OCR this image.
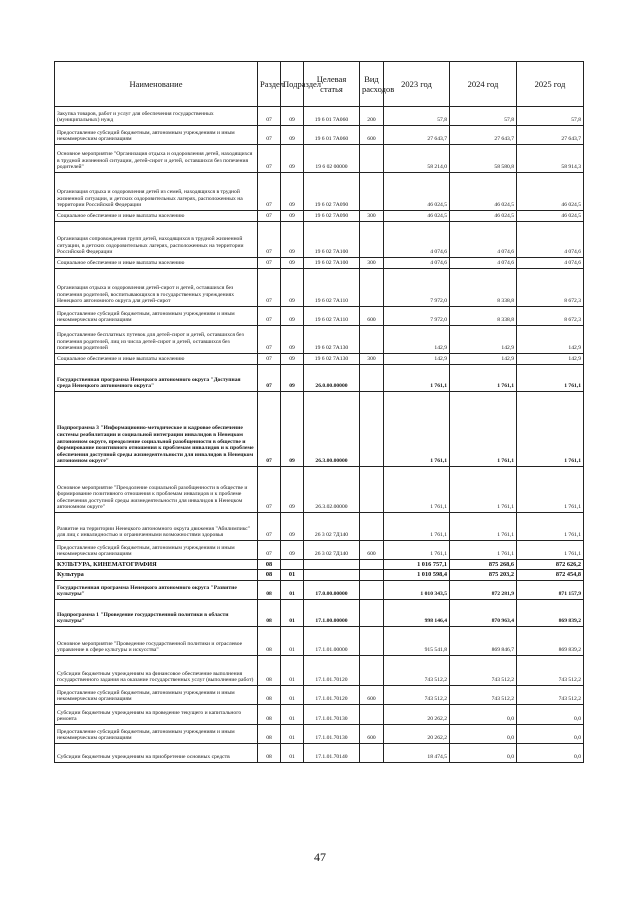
Наименование	Раздел	Подраздел	Целевая статья	Вид расходов	2023 год	2024 год	2025 год
Закупка товаров, работ и услуг для обеспечения государственных (муниципальных) нужд	07	09	19 6 01 7А060	200	57,8	57,8	57,8
Предоставление субсидий бюджетным, автономным учреждениям и иным некоммерческим организациям	07	09	19 6 01 7А060	600	27 643,7	27 643,7	27 643,7
Основное мероприятие "Организация отдыха и оздоровления детей, находящихся в трудной жизненной ситуации, детей-сирот и детей, оставшихся без попечения родителей"	07	09	19 6 02 00000		58 214,0	58 580,8	58 914,3
Организация отдыха и оздоровления детей из семей, находящихся в трудной жизненной ситуации, и детских оздоровительных лагерях, расположенных на территории Российской Федерации	07	09	19 6 02 7А090		46 024,5	46 024,5	46 024,5
Социальное обеспечение и иные выплаты населению	07	09	19 6 02 7А090	300	46 024,5	46 024,5	46 024,5
Организация сопровождения групп детей, находящихся в трудной жизненной ситуации, в детских оздоровительных лагерях, расположенных на территории Российской Федерации	07	09	19 6 02 7А100		4 074,6	4 074,6	4 074,6
Социальное обеспечение и иные выплаты населению	07	09	19 6 02 7А100	300	4 074,6	4 074,6	4 074,6
Организация отдыха и оздоровления детей-сирот и детей, оставшихся без попечения родителей, воспитывающихся в государственных учреждениях Ненецкого автономного округа для детей-сирот	07	09	19 6 02 7А110		7 972,0	8 338,8	8 672,3
Предоставление субсидий бюджетным, автономным учреждениям и иным некоммерческим организациям	07	09	19 6 02 7А110	600	7 972,0	8 338,8	8 672,3
Предоставление бесплатных путевок для детей-сирот и детей, оставшихся без попечения родителей, лиц из числа детей-сирот и детей, оставшихся без попечения родителей	07	09	19 6 02 7А130		142,9	142,9	142,9
Социальное обеспечение и иные выплаты населению	07	09	19 6 02 7А130	300	142,9	142,9	142,9
Государственная программа Ненецкого автономного округа "Доступная среда Ненецкого автономного округа"	07	09	26.0.00.00000		1 761,1	1 761,1	1 761,1
Подпрограмма 3 "Информационно-методическое и кадровое обеспечение системы реабилитации и социальной интеграции инвалидов в Ненецком автономном округе, преодоление социальной разобщенности в обществе и формирование позитивного отношения к проблемам инвалидов и к проблеме обеспечения доступной среды жизнедеятельности для инвалидов в Ненецком автономном округе"	07	09	26.3.00.00000		1 761,1	1 761,1	1 761,1
Основное мероприятие "Преодоление социальной разобщенности в обществе и формирование позитивного отношения к проблемам инвалидов и к проблеме обеспечения доступной среды жизнедеятельности для инвалидов в Ненецком автономном округе"	07	09	26.3.02.00000		1 761,1	1 761,1	1 761,1
Развитие на территории Ненецкого автономного округа движения "Абилимпикс" для лиц с инвалидностью и ограниченными возможностями здоровья	07	09	26 3 02 7Д140		1 761,1	1 761,1	1 761,1
Предоставление субсидий бюджетным, автономным учреждениям и иным некоммерческим организациям	07	09	26 3 02 7Д140	600	1 761,1	1 761,1	1 761,1
КУЛЬТУРА, КИНЕМАТОГРАФИЯ	08				1 016 757,1	875 268,6	872 626,2
Культура	08	01			1 010 598,4	875 203,2	872 454,8
Государственная программа Ненецкого автономного округа "Развитие культуры"	08	01	17.0.00.00000		1 010 343,5	872 281,9	871 157,9
Подпрограмма 1 "Проведение государственной политики в области культуры"	08	01	17.1.00.00000		998 146,4	870 963,4	869 839,2
Основное мероприятие "Проведение государственной политики и отраслевое управление в сфере культуры и искусства"	08	01	17.1.01.00000		915 541,8	869 846,7	869 839,2
Субсидии бюджетным учреждениям на финансовое обеспечение выполнения государственного задания на оказание государственных услуг (выполнение работ)	08	01	17.1.01.70120		743 512,2	743 512,2	743 512,2
Предоставление субсидий бюджетным, автономным учреждениям и иным некоммерческим организациям	08	01	17.1.01.70120	600	743 512,2	743 512,2	743 512,2
Субсидии бюджетным учреждениям на проведение текущего и капитального ремонта	08	01	17.1.01.70130		20 262,2	0,0	0,0
Предоставление субсидий бюджетным, автономным учреждениям и иным некоммерческим организациям	08	01	17.1.01.70130	600	20 262,2	0,0	0,0
Субсидии бюджетным учреждениям на приобретение основных средств	08	01	17.1.01.70140		18 474,5	0,0	0,0
47
